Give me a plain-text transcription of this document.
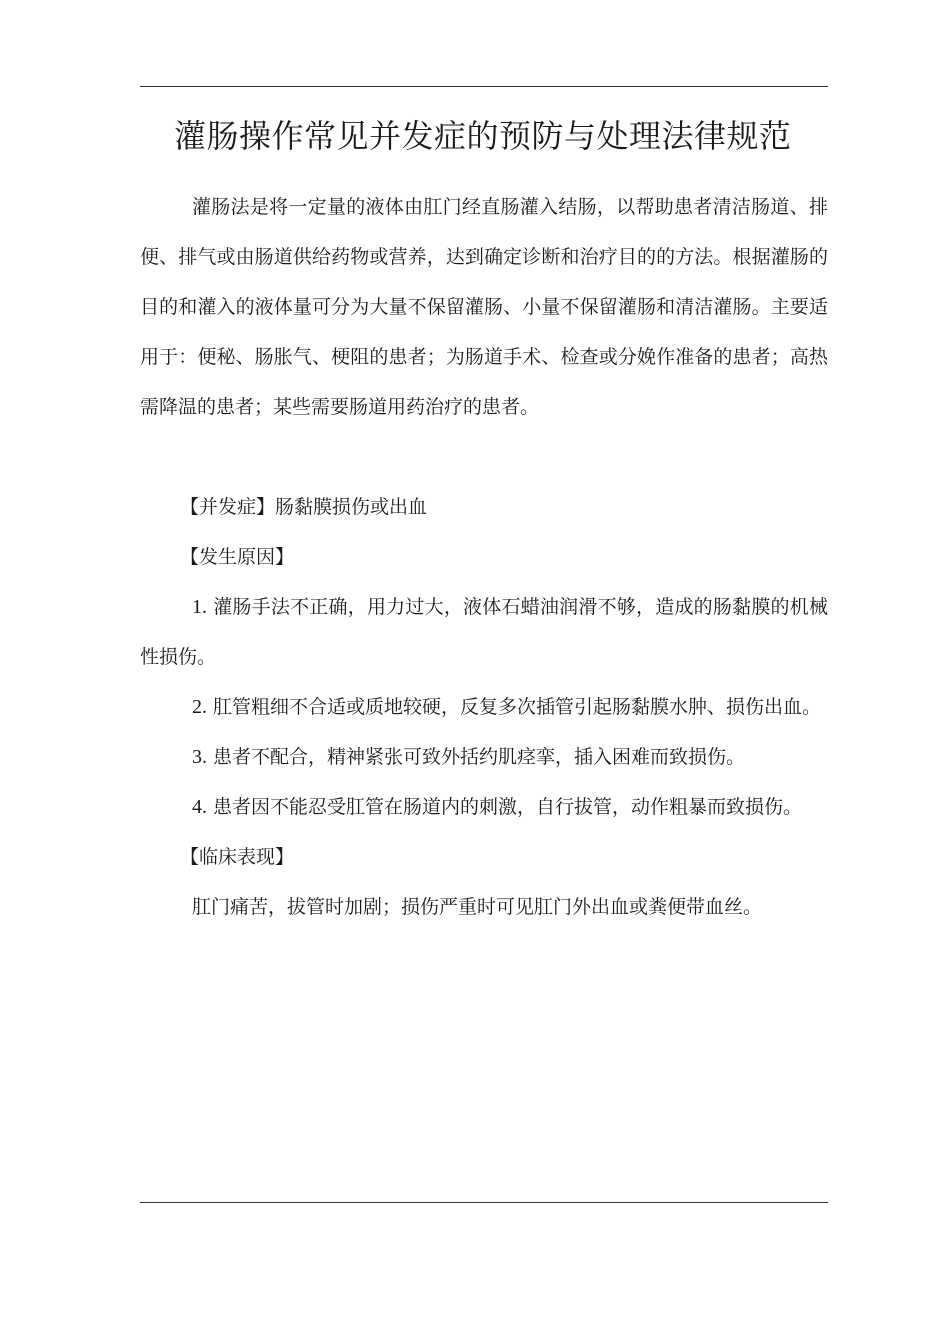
灌肠操作常见并发症的预防与处理法律规范

灌肠法是将一定量的液体由肛门经直肠灌入结肠，以帮助患者清洁肠道、排便、排气或由肠道供给药物或营养，达到确定诊断和治疗目的的方法。根据灌肠的目的和灌入的液体量可分为大量不保留灌肠、小量不保留灌肠和清洁灌肠。主要适用于：便秘、肠胀气、梗阻的患者；为肠道手术、检查或分娩作准备的患者；高热需降温的患者；某些需要肠道用药治疗的患者。

【并发症】肠黏膜损伤或出血

【发生原因】

1. 灌肠手法不正确，用力过大，液体石蜡油润滑不够，造成的肠黏膜的机械性损伤。

2. 肛管粗细不合适或质地较硬，反复多次插管引起肠黏膜水肿、损伤出血。

3. 患者不配合，精神紧张可致外括约肌痉挛，插入困难而致损伤。

4. 患者因不能忍受肛管在肠道内的刺激，自行拔管，动作粗暴而致损伤。

【临床表现】

肛门痛苦，拔管时加剧；损伤严重时可见肛门外出血或粪便带血丝。
